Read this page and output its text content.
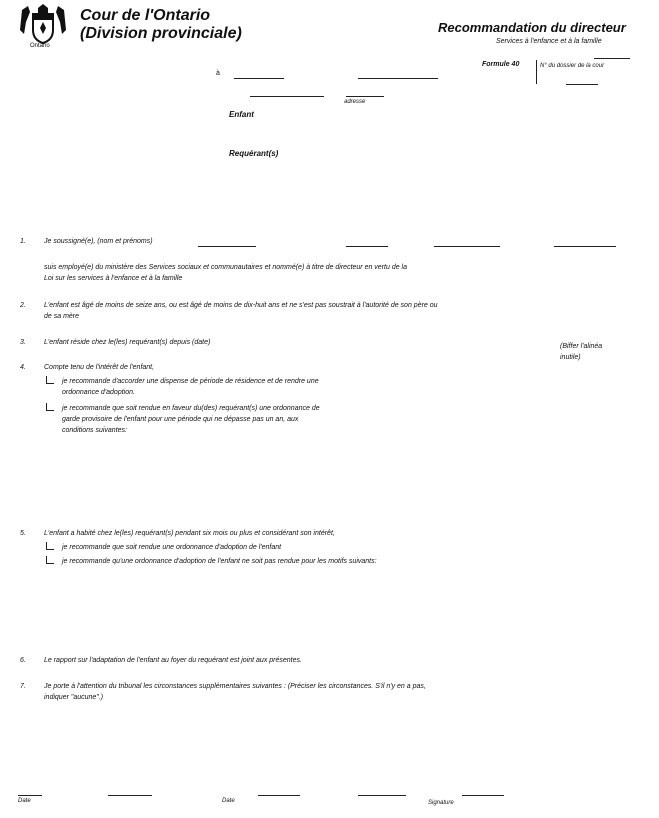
Ontario
Cour de l'Ontario
(Division provinciale)	Recommandation du directeur
Services à l'enfance et à la famille
Formule 40	N° du dossier de la cour
à
adresse
Enfant
Requérant(s)
1.	Je soussigné(e), (nom et prénoms)
suis employé(e) du ministère des Services sociaux et communautaires et nommé(e) à titre de directeur en vertu de la
Loi sur les services à l'enfance et à la famille
2.	L'enfant est âgé de moins de seize ans, ou est âgé de moins de dix-huit ans et ne s'est pas soustrait à l'autorité de son père ou
de sa mère
3.	L'enfant réside chez le(les) requérant(s) depuis (date)
(Biffer l'alinéa
inutile)
4.	Compte tenu de l'intérêt de l'enfant,
je recommande d'accorder une dispense de période de résidence et de rendre une
ordonnance d'adoption.
je recommande que soit rendue en faveur du(des) requérant(s) une ordonnance de
garde provisoire de l'enfant pour une période qui ne dépasse pas un an, aux
conditions suivantes:
5.	L'enfant a habité chez le(les) requérant(s) pendant six mois ou plus et considérant son intérêt,
je recommande que soit rendue une ordonnance d'adoption de l'enfant
je recommande qu'une ordonnance d'adoption de l'enfant ne soit pas rendue pour les motifs suivants:
6.	Le rapport sur l'adaptation de l'enfant au foyer du requérant est joint aux présentes.
7.	Je porte à l'attention du tribunal les circonstances supplémentaires suivantes : (Préciser les circonstances. S'il n'y en a pas,
indiquer "aucune".)
Date	Date	Signature
